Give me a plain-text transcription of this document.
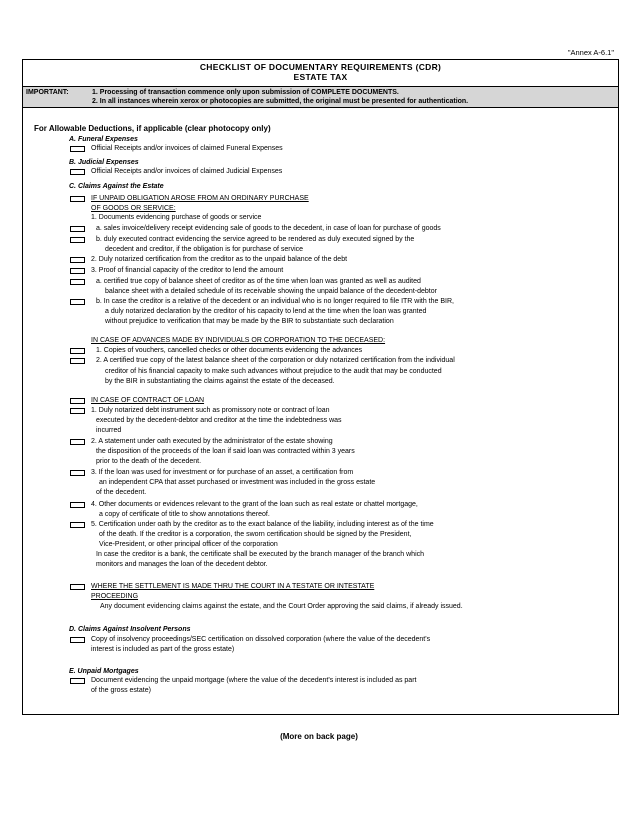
"Annex A-6.1"
CHECKLIST OF DOCUMENTARY REQUIREMENTS (CDR)
ESTATE TAX
IMPORTANT:	1. Processing of transaction commence only upon submission of COMPLETE DOCUMENTS.
2. In all instances wherein xerox or photocopies are submitted, the original must be presented for authentication.
For Allowable Deductions, if applicable (clear photocopy only)
A. Funeral Expenses
Official Receipts and/or invoices of claimed Funeral Expenses
B. Judicial Expenses
Official Receipts and/or invoices of claimed Judicial Expenses
C. Claims Against the Estate
IF UNPAID OBLIGATION AROSE FROM AN ORDINARY PURCHASE
OF GOODS OR SERVICE:
1. Documents evidencing purchase of goods or service
a. sales invoice/delivery receipt evidencing sale of goods to the decedent, in case of loan for purchase of goods
b. duly executed contract evidencing the service agreed to be rendered as duly executed signed by the
decedent and creditor, if the obligation is for purchase of service
2. Duly notarized certification from the creditor as to the unpaid balance of the debt
3. Proof of financial capacity of the creditor to lend the amount
a. certified true copy of balance sheet of creditor as of the time when loan was granted as well as audited
balance sheet with a detailed schedule of its receivable showing the unpaid balance of the decedent-debtor
b. In case the creditor is a relative of the decedent or an individual who is no longer required to file ITR with the BIR,
a duly notarized declaration by the creditor of his capacity to lend at the time when the loan was granted
without prejudice to verification that may be made by the BIR to substantiate such declaration
IN CASE OF ADVANCES MADE BY INDIVIDUALS OR CORPORATION TO THE DECEASED:
1. Copies of vouchers, cancelled checks or other documents evidencing the advances
2. A certified true copy of the latest balance sheet of the corporation or duly notarized certification from the individual
creditor of his financial capacity to make such advances without prejudice to the audit that may be conducted
by the BIR in substantiating the claims against the estate of the deceased.
IN CASE OF CONTRACT OF LOAN
1. Duly notarized debt instrument such as promissory note or contract of loan
executed by the decedent-debtor and creditor at the time the indebtedness was
incurred
2. A statement under oath executed by the administrator of the estate showing
the disposition of the proceeds of the loan if said loan was contracted within 3 years
prior to the death of the decedent.
3. If the loan was used for investment or for purchase of an asset, a certification from
an independent CPA that asset purchased or investment was included in the gross estate
of the decedent.
4. Other documents or evidences relevant to the grant of the loan such as real estate or chattel mortgage,
a copy of certificate of title to show annotations thereof.
5. Certification under oath by the creditor as to the exact balance of the liability, including interest as of the time
of the death. If the creditor is a corporation, the sworn certification should be signed by the President,
Vice-President, or other principal officer of the corporation
In case the creditor is a bank, the certificate shall be executed by the branch manager of the branch which
monitors and manages the loan of the decedent debtor.
WHERE THE SETTLEMENT IS MADE THRU THE COURT IN A TESTATE OR INTESTATE
PROCEEDING
Any document evidencing claims against the estate, and the Court Order approving the said claims, if already issued.
D. Claims Against Insolvent Persons
Copy of insolvency proceedings/SEC certification on dissolved corporation (where the value of the decedent's
interest is included as part of the gross estate)
E. Unpaid Mortgages
Document evidencing the unpaid mortgage (where the value of the decedent's interest is included as part
of the gross estate)
(More on back page)
